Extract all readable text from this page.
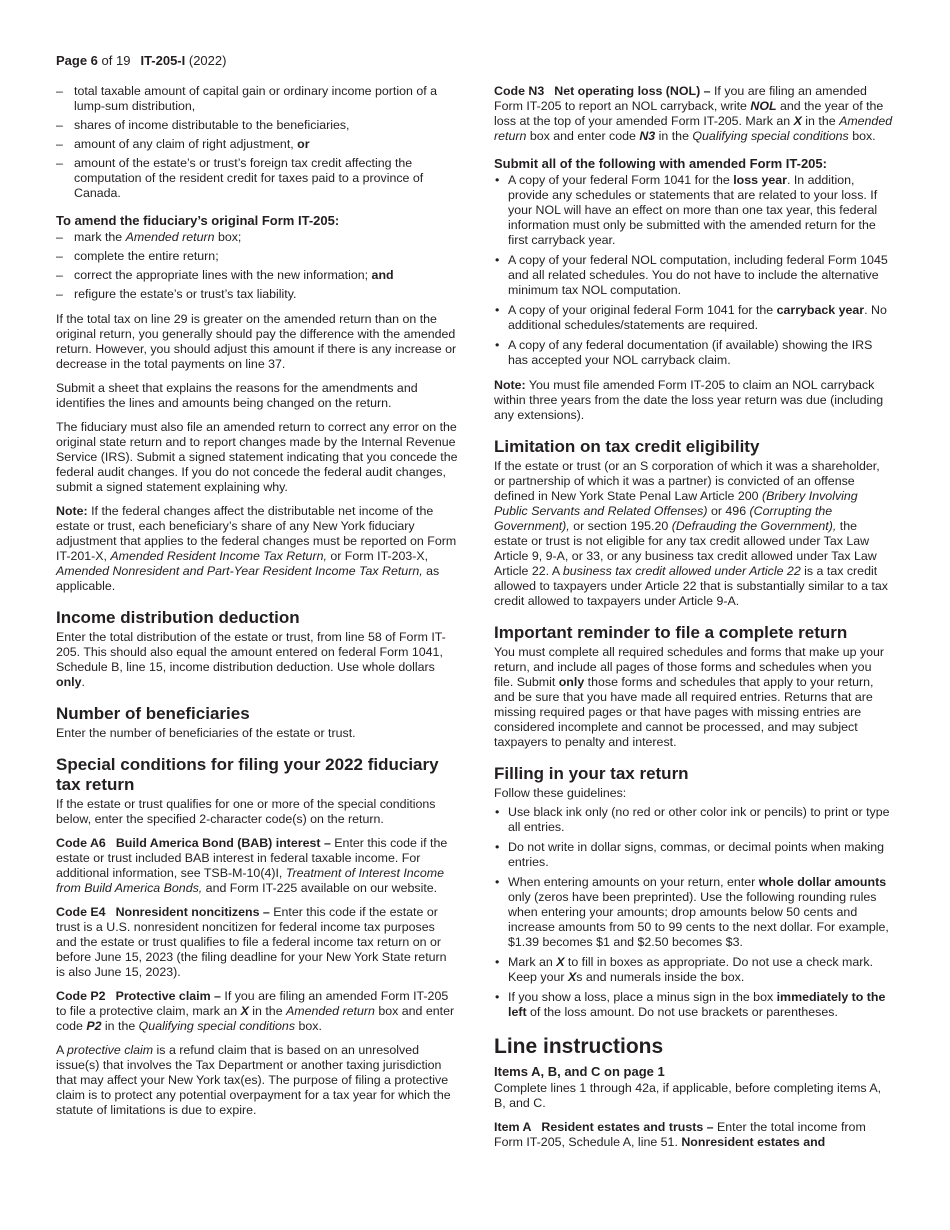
Page 6 of 19 IT-205-I (2022)
– total taxable amount of capital gain or ordinary income portion of a lump-sum distribution,
– shares of income distributable to the beneficiaries,
– amount of any claim of right adjustment, or
– amount of the estate’s or trust’s foreign tax credit affecting the computation of the resident credit for taxes paid to a province of Canada.
To amend the fiduciary’s original Form IT-205:
– mark the Amended return box;
– complete the entire return;
– correct the appropriate lines with the new information; and
– refigure the estate’s or trust’s tax liability.

If the total tax on line 29 is greater on the amended return than on the original return, you generally should pay the difference with the amended return. However, you should adjust this amount if there is any increase or decrease in the total payments on line 37.

Submit a sheet that explains the reasons for the amendments and identifies the lines and amounts being changed on the return.

The fiduciary must also file an amended return to correct any error on the original state return and to report changes made by the Internal Revenue Service (IRS). Submit a signed statement indicating that you concede the federal audit changes. If you do not concede the federal audit changes, submit a signed statement explaining why.

Note: If the federal changes affect the distributable net income of the estate or trust, each beneficiary’s share of any New York fiduciary adjustment that applies to the federal changes must be reported on Form IT-201-X, Amended Resident Income Tax Return, or Form IT-203-X, Amended Nonresident and Part-Year Resident Income Tax Return, as applicable.

Income distribution deduction

Enter the total distribution of the estate or trust, from line 58 of Form IT-205. This should also equal the amount entered on federal Form 1041, Schedule B, line 15, income distribution deduction. Use whole dollars only.

Number of beneficiaries

Enter the number of beneficiaries of the estate or trust.

Special conditions for filing your 2022 fiduciary tax return

If the estate or trust qualifies for one or more of the special conditions below, enter the specified 2-character code(s) on the return.

Code A6 Build America Bond (BAB) interest – Enter this code if the estate or trust included BAB interest in federal taxable income. For additional information, see TSB-M-10(4)I, Treatment of Interest Income from Build America Bonds, and Form IT-225 available on our website.

Code E4 Nonresident noncitizens – Enter this code if the estate or trust is a U.S. nonresident noncitizen for federal income tax purposes and the estate or trust qualifies to file a federal income tax return on or before June 15, 2023 (the filing deadline for your New York State return is also June 15, 2023).

Code P2 Protective claim – If you are filing an amended Form IT-205 to file a protective claim, mark an X in the Amended return box and enter code P2 in the Qualifying special conditions box.

A protective claim is a refund claim that is based on an unresolved issue(s) that involves the Tax Department or another taxing jurisdiction that may affect your New York tax(es). The purpose of filing a protective claim is to protect any potential overpayment for a tax year for which the statute of limitations is due to expire.

Code N3 Net operating loss (NOL) – If you are filing an amended Form IT-205 to report an NOL carryback, write NOL and the year of the loss at the top of your amended Form IT-205. Mark an X in the Amended return box and enter code N3 in the Qualifying special conditions box.

Submit all of the following with amended Form IT-205:
• A copy of your federal Form 1041 for the loss year. In addition, provide any schedules or statements that are related to your loss. If your NOL will have an effect on more than one tax year, this federal information must only be submitted with the amended return for the first carryback year.
• A copy of your federal NOL computation, including federal Form 1045 and all related schedules. You do not have to include the alternative minimum tax NOL computation.
• A copy of your original federal Form 1041 for the carryback year. No additional schedules/statements are required.
• A copy of any federal documentation (if available) showing the IRS has accepted your NOL carryback claim.

Note: You must file amended Form IT-205 to claim an NOL carryback within three years from the date the loss year return was due (including any extensions).

Limitation on tax credit eligibility

If the estate or trust (or an S corporation of which it was a shareholder, or partnership of which it was a partner) is convicted of an offense defined in New York State Penal Law Article 200 (Bribery Involving Public Servants and Related Offenses) or 496 (Corrupting the Government), or section 195.20 (Defrauding the Government), the estate or trust is not eligible for any tax credit allowed under Tax Law Article 9, 9-A, or 33, or any business tax credit allowed under Tax Law Article 22. A business tax credit allowed under Article 22 is a tax credit allowed to taxpayers under Article 22 that is substantially similar to a tax credit allowed to taxpayers under Article 9-A.

Important reminder to file a complete return

You must complete all required schedules and forms that make up your return, and include all pages of those forms and schedules when you file. Submit only those forms and schedules that apply to your return, and be sure that you have made all required entries. Returns that are missing required pages or that have pages with missing entries are considered incomplete and cannot be processed, and may subject taxpayers to penalty and interest.

Filling in your tax return

Follow these guidelines:

• Use black ink only (no red or other color ink or pencils) to print or type all entries.
• Do not write in dollar signs, commas, or decimal points when making entries.
• When entering amounts on your return, enter whole dollar amounts only (zeros have been preprinted). Use the following rounding rules when entering your amounts; drop amounts below 50 cents and increase amounts from 50 to 99 cents to the next dollar. For example, $1.39 becomes $1 and $2.50 becomes $3.
• Mark an X to fill in boxes as appropriate. Do not use a check mark. Keep your Xs and numerals inside the box.
• If you show a loss, place a minus sign in the box immediately to the left of the loss amount. Do not use brackets or parentheses.
Line instructions
Items A, B, and C on page 1

Complete lines 1 through 42a, if applicable, before completing items A, B, and C.

Item A Resident estates and trusts – Enter the total income from Form IT-205, Schedule A, line 51. Nonresident estates and
